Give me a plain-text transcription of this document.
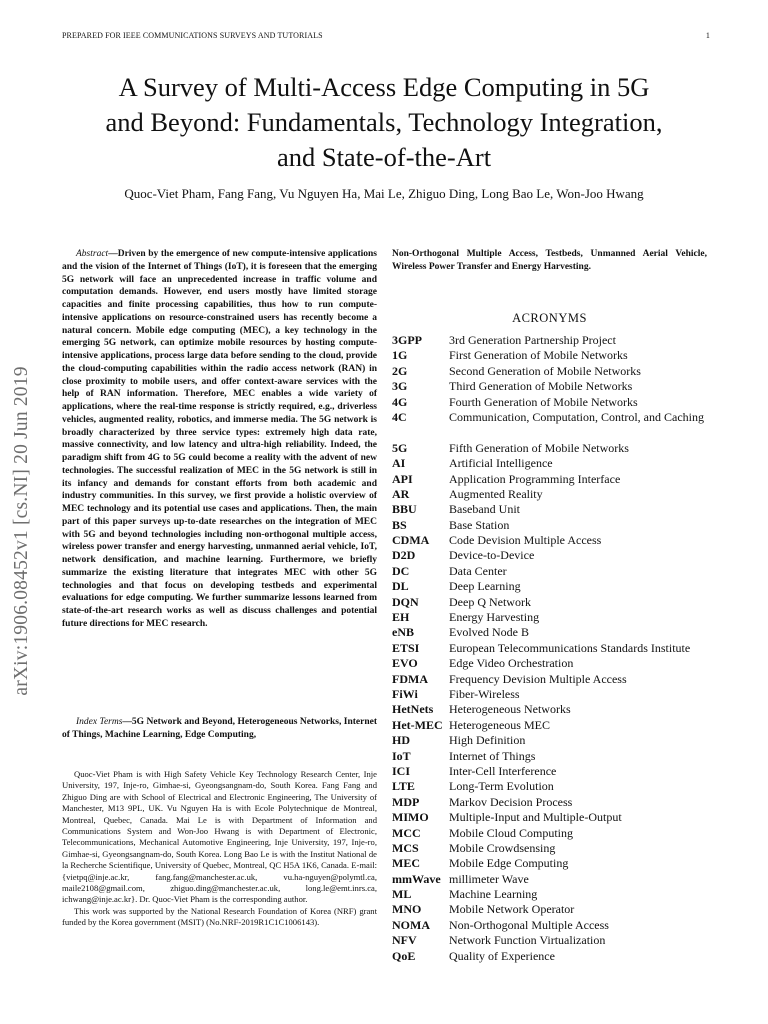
PREPARED FOR IEEE COMMUNICATIONS SURVEYS AND TUTORIALS	1
A Survey of Multi-Access Edge Computing in 5G
and Beyond: Fundamentals, Technology Integration,
and State-of-the-Art
Quoc-Viet Pham, Fang Fang, Vu Nguyen Ha, Mai Le, Zhiguo Ding, Long Bao Le, Won-Joo Hwang
arXiv:1906.08452v1 [cs.NI] 20 Jun 2019

Abstract—Driven by the emergence of new compute-intensive applications and the vision of the Internet of Things (IoT), it is foreseen that the emerging 5G network will face an unprecedented increase in traffic volume and computation demands. However, end users mostly have limited storage capacities and finite processing capabilities, thus how to run compute-intensive applications on resource-constrained users has recently become a natural concern. Mobile edge computing (MEC), a key technology in the emerging 5G network, can optimize mobile resources by hosting compute-intensive applications, process large data before sending to the cloud, provide the cloud-computing capabilities within the radio access network (RAN) in close proximity to mobile users, and offer context-aware services with the help of RAN information. Therefore, MEC enables a wide variety of applications, where the real-time response is strictly required, e.g., driverless vehicles, augmented reality, robotics, and immerse media. The 5G network is broadly characterized by three service types: extremely high data rate, massive connectivity, and low latency and ultra-high reliability. Indeed, the paradigm shift from 4G to 5G could become a reality with the advent of new technologies. The successful realization of MEC in the 5G network is still in its infancy and demands for constant efforts from both academic and industry communities. In this survey, we first provide a holistic overview of MEC technology and its potential use cases and applications. Then, the main part of this paper surveys up-to-date researches on the integration of MEC with 5G and beyond technologies including non-orthogonal multiple access, wireless power transfer and energy harvesting, unmanned aerial vehicle, IoT, network densification, and machine learning. Furthermore, we briefly summarize the existing literature that integrates MEC with other 5G technologies and that focus on developing testbeds and experimental evaluations for edge computing. We further summarize lessons learned from state-of-the-art research works as well as discuss challenges and potential future directions for MEC research.

Index Terms—5G Network and Beyond, Heterogeneous Networks, Internet of Things, Machine Learning, Edge Computing,

Quoc-Viet Pham is with High Safety Vehicle Key Technology Research Center, Inje University, 197, Inje-ro, Gimhae-si, Gyeongsangnam-do, South Korea. Fang Fang and Zhiguo Ding are with School of Electrical and Electronic Engineering, The University of Manchester, M13 9PL, UK. Vu Nguyen Ha is with Ecole Polytechnique de Montreal, Montreal, Quebec, Canada. Mai Le is with Department of Information and Communications System and Won-Joo Hwang is with Department of Electronic, Telecommunications, Mechanical Automotive Engineering, Inje University, 197, Inje-ro, Gimhae-si, Gyeongsangnam-do, South Korea. Long Bao Le is with the Institut National de la Recherche Scientifique, University of Quebec, Montreal, QC H5A 1K6, Canada. E-mail: {vietpq@inje.ac.kr, fang.fang@manchester.ac.uk, vu.ha-nguyen@polymtl.ca, maile2108@gmail.com, zhiguo.ding@manchester.ac.uk, long.le@emt.inrs.ca, ichwang@inje.ac.kr}. Dr. Quoc-Viet Pham is the corresponding author.

This work was supported by the National Research Foundation of Korea (NRF) grant funded by the Korea government (MSIT) (No.NRF-2019R1C1C1006143).

Non-Orthogonal Multiple Access, Testbeds, Unmanned Aerial Vehicle, Wireless Power Transfer and Energy Harvesting.
ACRONYMS
3GPP	3rd Generation Partnership Project
1G	First Generation of Mobile Networks
2G	Second Generation of Mobile Networks
3G	Third Generation of Mobile Networks
4G	Fourth Generation of Mobile Networks
4C	Communication, Computation, Control, and Caching
5G	Fifth Generation of Mobile Networks
AI	Artificial Intelligence
API	Application Programming Interface
AR	Augmented Reality
BBU	Baseband Unit
BS	Base Station
CDMA	Code Devision Multiple Access
D2D	Device-to-Device
DC	Data Center
DL	Deep Learning
DQN	Deep Q Network
EH	Energy Harvesting
eNB	Evolved Node B
ETSI	European Telecommunications Standards Institute
EVO	Edge Video Orchestration
FDMA	Frequency Devision Multiple Access
FiWi	Fiber-Wireless
HetNets	Heterogeneous Networks
Het-MEC Heterogeneous MEC
HD	High Definition
IoT	Internet of Things
ICI	Inter-Cell Interference
LTE	Long-Term Evolution
MDP	Markov Decision Process
MIMO	Multiple-Input and Multiple-Output
MCC	Mobile Cloud Computing
MCS	Mobile Crowdsensing
MEC	Mobile Edge Computing
mmWave millimeter Wave
ML	Machine Learning
MNO	Mobile Network Operator
NOMA	Non-Orthogonal Multiple Access
NFV	Network Function Virtualization
QoE	Quality of Experience
